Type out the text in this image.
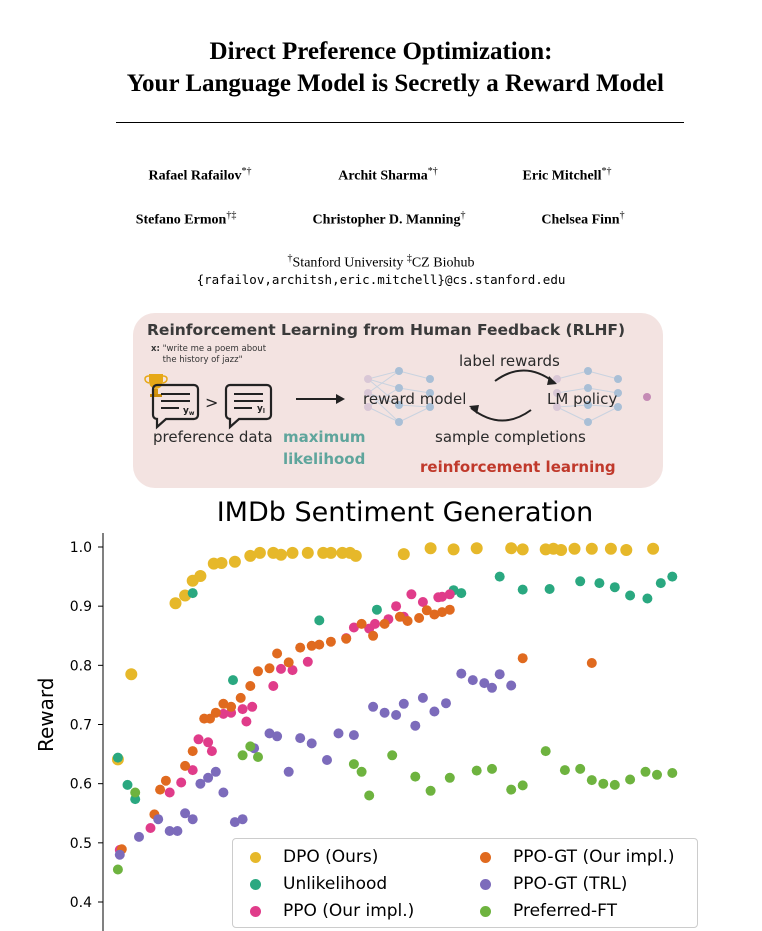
Direct Preference Optimization:
Your Language Model is Secretly a Reward Model
Rafael Rafailov*†	Archit Sharma*†	Eric Mitchell*†
Stefano Ermon†‡	Christopher D. Manning†	Chelsea Finn†
†Stanford University ‡CZ Biohub
{rafailov,architsh,eric.mitchell}@cs.stanford.edu
Reinforcement Learning from Human Feedback (RLHF)
x: "write me a poem about the history of jazz"
$y_w$
>	$y_l$
preference data maximum
likelihood
reward model
label rewards
sample completions
LM policy
reinforcement learning
IMDb Sentiment Generation
Reward
1.0
0.9
0.8
0.7
0.6
0.5
0.4
DPO (Ours)
Unlikelihood
PPO (Our impl.)
PPO-GT (Our impl.)
PPO-GT (TRL)
Preferred-FT
